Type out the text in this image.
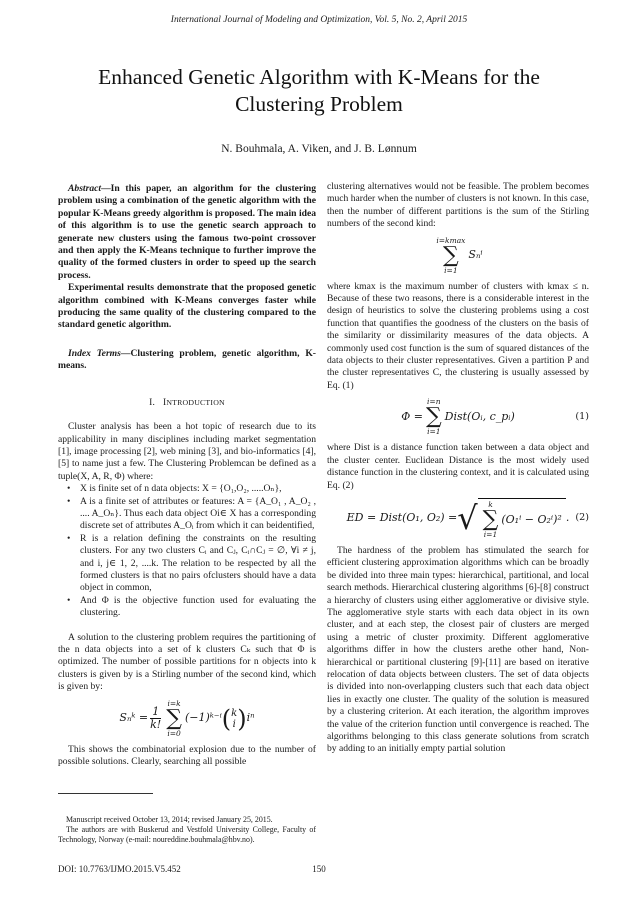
International Journal of Modeling and Optimization, Vol. 5, No. 2, April 2015
Enhanced Genetic Algorithm with K-Means for the
Clustering Problem
N. Bouhmala, A. Viken, and J. B. Lønnum

Abstract—In this paper, an algorithm for the clustering problem using a combination of the genetic algorithm with the popular K-Means greedy algorithm is proposed. The main idea of this algorithm is to use the genetic search approach to generate new clusters using the famous two-point crossover and then apply the K-Means technique to further improve the quality of the formed clusters in order to speed up the search process.

Experimental results demonstrate that the proposed genetic algorithm combined with K-Means converges faster while producing the same quality of the clustering compared to the standard genetic algorithm.

Index Terms—Clustering problem, genetic algorithm, K-means.

I. INTRODUCTION

Cluster analysis has been a hot topic of research due to its applicability in many disciplines including market segmentation [1], image processing [2], web mining [3], and bio-informatics [4], [5] to name just a few. The Clustering Problemcan be defined as a tuple(X, A, R, Φ) where:

• X is finite set of n data objects: X = {O₁,O₂, .....Oₙ},
• A is a finite set of attributes or features: A = {A_O₁ , A_O₂ , .... A_Oₙ}. Thus each data object Oi∈ X has a corresponding discrete set of attributes A_Oᵢ from which it can beidentified,
• R is a relation defining the constraints on the resulting clusters. For any two clusters Cᵢ and Cⱼ, Cᵢ∩Cⱼ = ∅, ∀i ≠ j, and i, j∈ 1, 2, ....k. The relation to be respected by all the formed clusters is that no pairs ofclusters should have a data object in common,
• And Φ is the objective function used for evaluating the clustering.

A solution to the clustering problem requires the partitioning of the n data objects into a set of k clusters Cₖ such that Φ is optimized. The number of possible partitions for n objects into k clusters is given by is a Stirling number of the second kind, which is given by:

Sₙᵏ = $\frac{1}{k!}$
i=k
∑
i=0
(−1)ᵏ⁻ⁱ ( k
i ) iⁿ

This shows the combinatorial explosion due to the number of possible solutions. Clearly, searching all possible

clustering alternatives would not be feasible. The problem becomes much harder when the number of clusters is not known. In this case, then the number of different partitions is the sum of the Stirling numbers of the second kind:

i=kmax
∑
i=1
Sₙⁱ

where kmax is the maximum number of clusters with kmax ≤ n. Because of these two reasons, there is a considerable interest in the design of heuristics to solve the clustering problems using a cost function that quantifies the goodness of the clusters on the basis of the similarity or dissimilarity measures of the data objects. A commonly used cost function is the sum of squared distances of the data objects to their cluster representatives. Given a partition P and the cluster representatives C, the clustering is usually assessed by Eq. (1)

Φ =
i=n
∑
i=1
Dist(Oᵢ, c_pᵢ)	(1)

where Dist is a distance function taken between a data object and the cluster center. Euclidean Distance is the most widely used distance function in the clustering context, and it is calculated using Eq. (2)

ED = Dist(O₁, O₂) = √ k
∑
i=1
(O₁ⁱ − O₂ⁱ)² . (2)

The hardness of the problem has stimulated the search for efficient clustering approximation algorithms which can be broadly be divided into three main types: hierarchical, partitional, and local search methods. Hierarchical clustering algorithms [6]-[8] construct a hierarchy of clusters using either agglomerative or divisive style. The agglomerative style starts with each data object in its own cluster, and at each step, the closest pair of clusters are merged using a metric of cluster proximity. Different agglomerative algorithms differ in how the clusters arethe other hand, Non-hierarchical or partitional clustering [9]-[11] are based on iterative relocation of data objects between clusters. The set of data objects is divided into non-overlapping clusters such that each data object lies in exactly one cluster. The quality of the solution is measured by a clustering criterion. At each iteration, the algorithm improves the value of the criterion function until convergence is reached. The algorithms belonging to this class generate solutions from scratch by adding to an initially empty partial solution

Manuscript received October 13, 2014; revised January 25, 2015.

The authors are with Buskerud and Vestfold University College, Faculty of Technology, Norway (e-mail: noureddine.bouhmala@hbv.no).

DOI: 10.7763/IJMO.2015.V5.452	150
